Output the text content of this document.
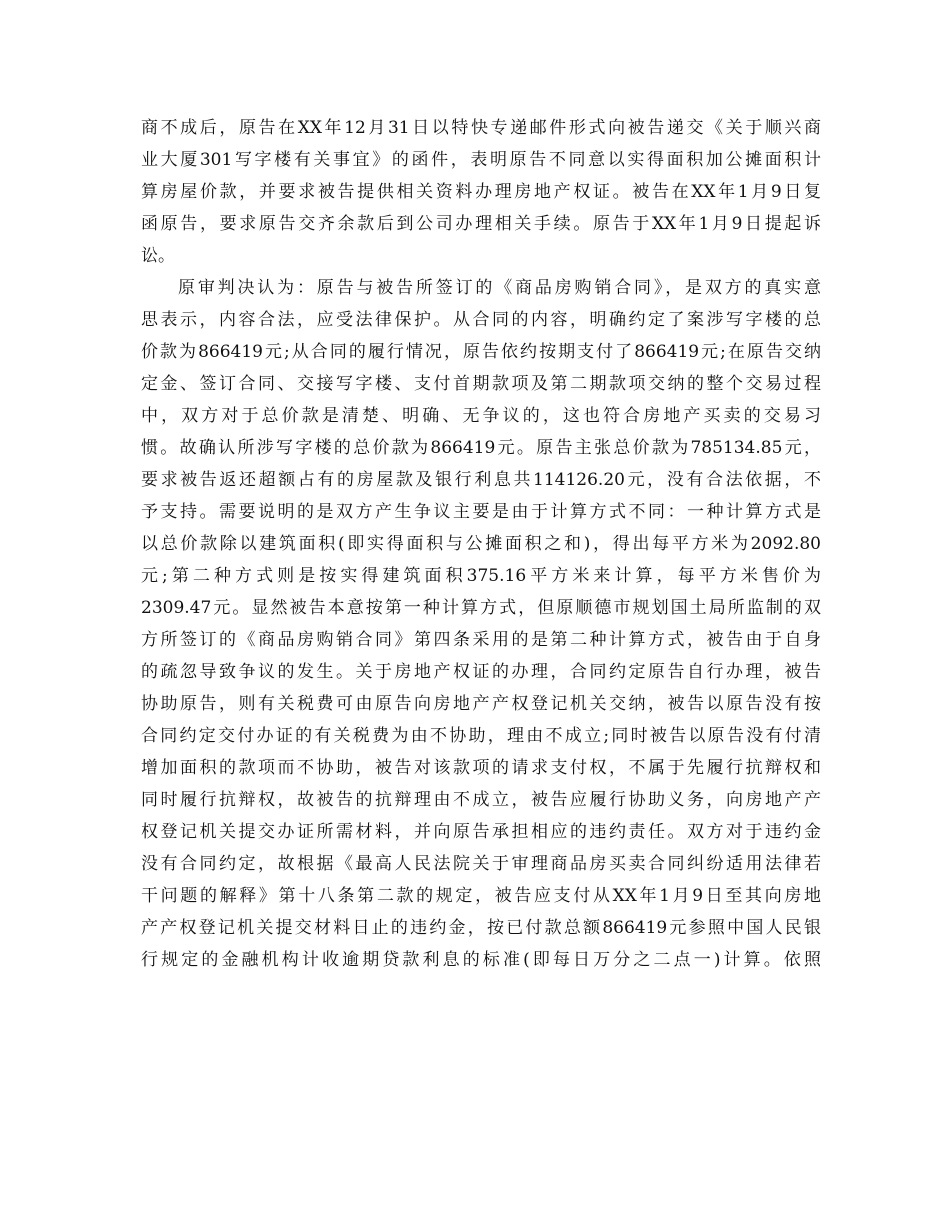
商不成后，原告在XX年12月31日以特快专递邮件形式向被告递交《关于顺兴商
业大厦301写字楼有关事宜》的函件，表明原告不同意以实得面积加公摊面积计
算房屋价款，并要求被告提供相关资料办理房地产权证。被告在XX年1月9日复
函原告，要求原告交齐余款后到公司办理相关手续。原告于XX年1月9日提起诉
讼。
原审判决认为：原告与被告所签订的《商品房购销合同》，是双方的真实意
思表示，内容合法，应受法律保护。从合同的内容，明确约定了案涉写字楼的总
价款为866419元;从合同的履行情况，原告依约按期支付了866419元;在原告交纳
定金、签订合同、交接写字楼、支付首期款项及第二期款项交纳的整个交易过程
中，双方对于总价款是清楚、明确、无争议的，这也符合房地产买卖的交易习
惯。故确认所涉写字楼的总价款为866419元。原告主张总价款为785134.85元，
要求被告返还超额占有的房屋款及银行利息共114126.20元，没有合法依据，不
予支持。需要说明的是双方产生争议主要是由于计算方式不同：一种计算方式是
以总价款除以建筑面积(即实得面积与公摊面积之和)，得出每平方米为2092.80
元;第二种方式则是按实得建筑面积375.16平方米来计算，每平方米售价为
2309.47元。显然被告本意按第一种计算方式，但原顺德市规划国土局所监制的双
方所签订的《商品房购销合同》第四条采用的是第二种计算方式，被告由于自身
的疏忽导致争议的发生。关于房地产权证的办理，合同约定原告自行办理，被告
协助原告，则有关税费可由原告向房地产产权登记机关交纳，被告以原告没有按
合同约定交付办证的有关税费为由不协助，理由不成立;同时被告以原告没有付清
增加面积的款项而不协助，被告对该款项的请求支付权，不属于先履行抗辩权和
同时履行抗辩权，故被告的抗辩理由不成立，被告应履行协助义务，向房地产产
权登记机关提交办证所需材料，并向原告承担相应的违约责任。双方对于违约金
没有合同约定，故根据《最高人民法院关于审理商品房买卖合同纠纷适用法律若
干问题的解释》第十八条第二款的规定，被告应支付从XX年1月9日至其向房地
产产权登记机关提交材料日止的违约金，按已付款总额866419元参照中国人民银
行规定的金融机构计收逾期贷款利息的标准(即每日万分之二点一)计算。依照
